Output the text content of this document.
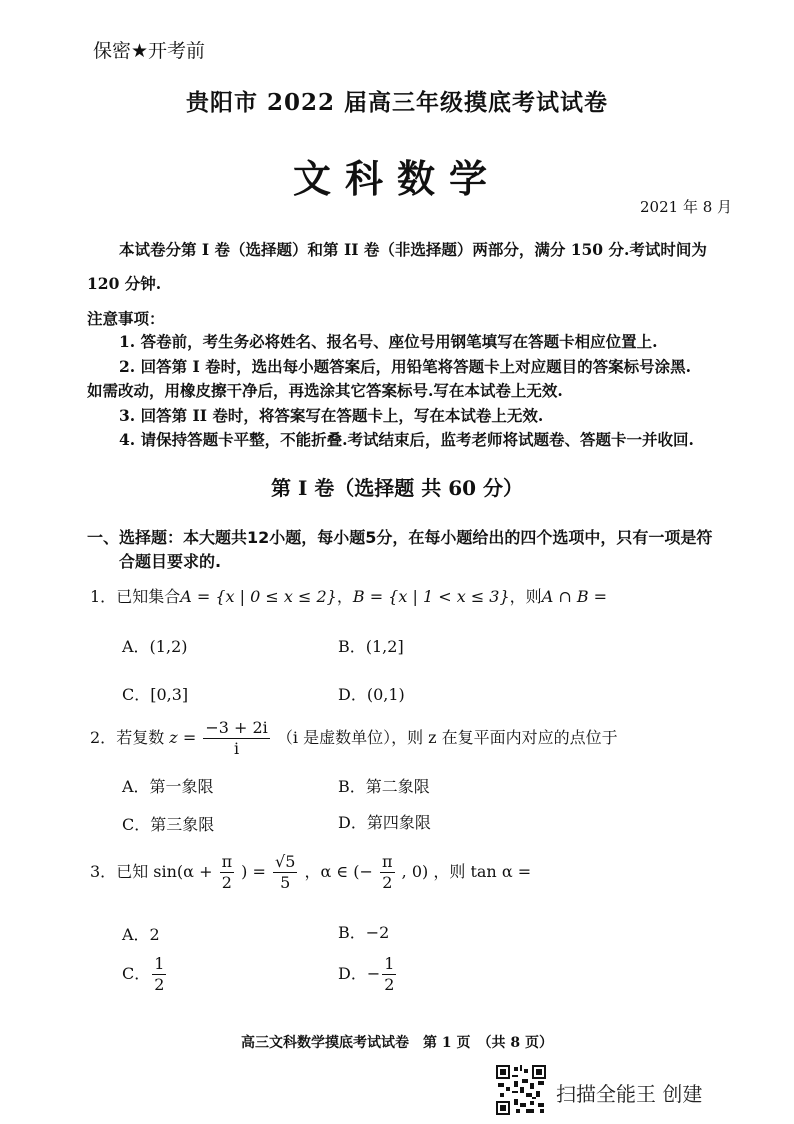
保密★开考前
贵阳市 2022 届高三年级摸底考试试卷
文科数学
2021 年 8 月
本试卷分第 I 卷（选择题）和第 II 卷（非选择题）两部分，满分 150 分.考试时间为
120 分钟.
注意事项：
1. 答卷前，考生务必将姓名、报名号、座位号用钢笔填写在答题卡相应位置上.
2. 回答第 I 卷时，选出每小题答案后，用铅笔将答题卡上对应题目的答案标号涂黑.
如需改动，用橡皮擦干净后，再选涂其它答案标号.写在本试卷上无效.
3. 回答第 II 卷时，将答案写在答题卡上，写在本试卷上无效.
4. 请保持答题卡平整，不能折叠.考试结束后，监考老师将试题卷、答题卡一并收回.
第 I 卷（选择题 共 60 分）
一、选择题：本大题共12小题，每小题5分，在每小题给出的四个选项中，只有一项是符
合题目要求的.
1．已知集合A = {x | 0 ≤ x ≤ 2}，B = {x | 1 < x ≤ 3}，则A ∩ B =
A．(1,2)	B．(1,2]
C．[0,3]	D．(0,1)
2．若复数 $z = \frac{-3 + 2i}{i} (i$ 是虚数单位），则 z 在复平面内对应的点位于
A．第一象限	B．第二象限
C．第三象限	D．第四象限
3．已知 $\sin(\alpha + \frac{\pi}{2}$ ) = $\frac{√5}{5}$ ，α ∈ (− $\frac{\pi}{2}$ , 0) ，则 tan α =
A．2	B．−2
C． $\frac{1}{2}$	D．− $\frac{1}{2}$
高三文科数学摸底考试试卷　第 1 页　（共 8 页）
扫描全能王 创建
